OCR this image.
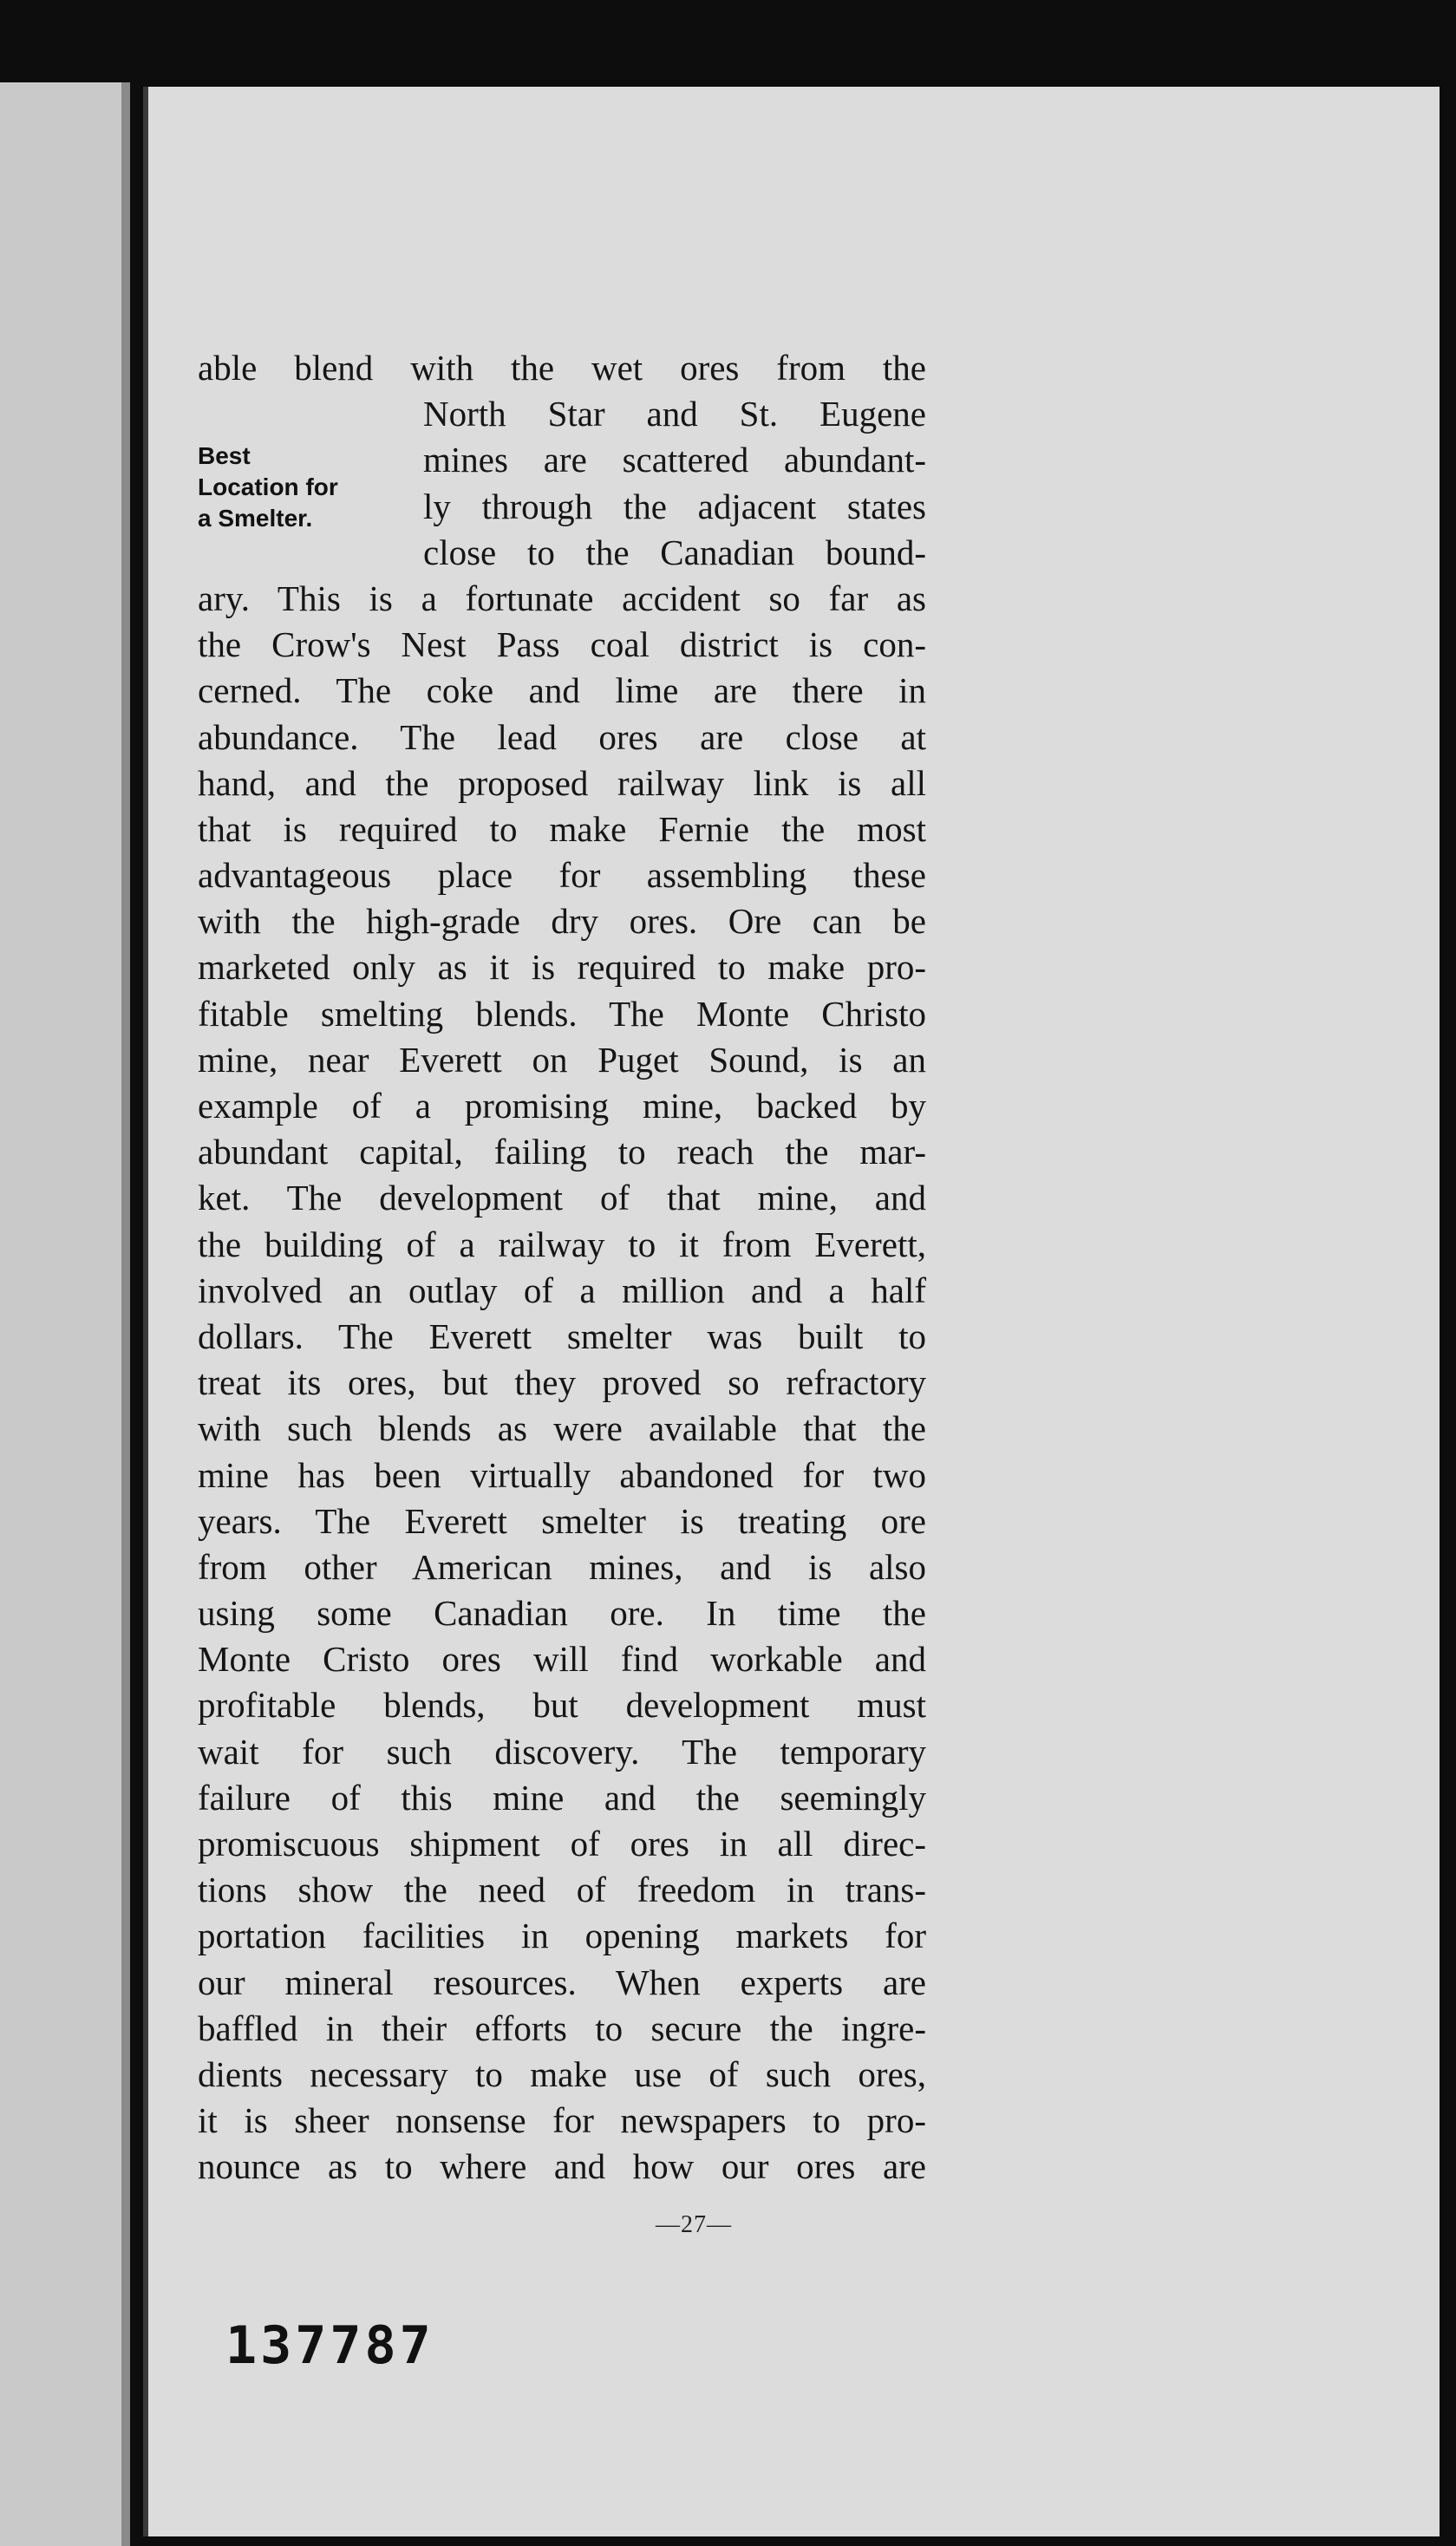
Best
Location for
a Smelter.
able blend with the wet ores from the
North Star and St. Eugene
mines are scattered abundant-
ly through the adjacent states
close to the Canadian bound-
ary. This is a fortunate accident so far as
the Crow's Nest Pass coal district is con-
cerned. The coke and lime are there in
abundance. The lead ores are close at
hand, and the proposed railway link is all
that is required to make Fernie the most
advantageous place for assembling these
with the high-grade dry ores. Ore can be
marketed only as it is required to make pro-
fitable smelting blends. The Monte Christo
mine, near Everett on Puget Sound, is an
example of a promising mine, backed by
abundant capital, failing to reach the mar-
ket. The development of that mine, and
the building of a railway to it from Everett,
involved an outlay of a million and a half
dollars. The Everett smelter was built to
treat its ores, but they proved so refractory
with such blends as were available that the
mine has been virtually abandoned for two
years. The Everett smelter is treating ore
from other American mines, and is also
using some Canadian ore. In time the
Monte Cristo ores will find workable and
profitable blends, but development must
wait for such discovery. The temporary
failure of this mine and the seemingly
promiscuous shipment of ores in all direc-
tions show the need of freedom in trans-
portation facilities in opening markets for
our mineral resources. When experts are
baffled in their efforts to secure the ingre-
dients necessary to make use of such ores,
it is sheer nonsense for newspapers to pro-
nounce as to where and how our ores are
—27—
137787
